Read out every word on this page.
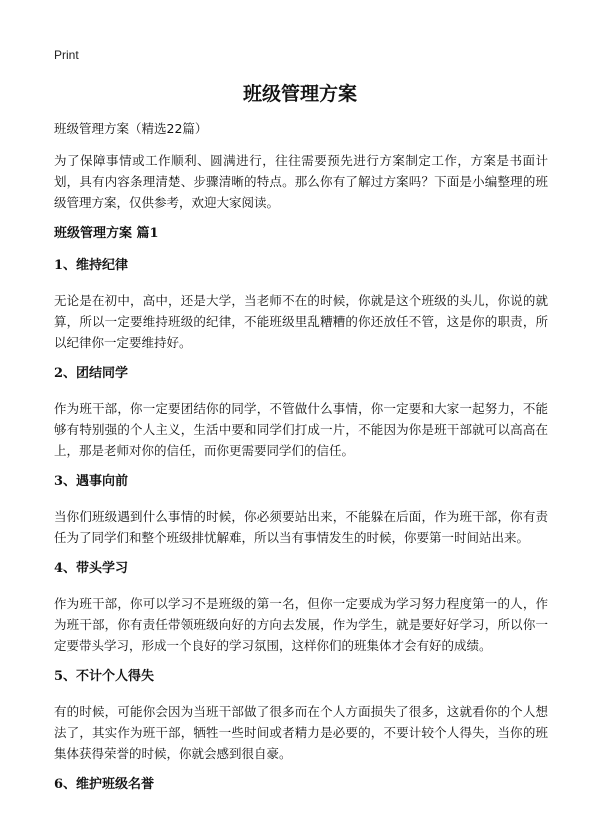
Print
班级管理方案
班级管理方案（精选22篇）

为了保障事情或工作顺利、圆满进行，往往需要预先进行方案制定工作，方案是书面计划，具有内容条理清楚、步骤清晰的特点。那么你有了解过方案吗？下面是小编整理的班级管理方案，仅供参考，欢迎大家阅读。

班级管理方案 篇1
1、维持纪律

无论是在初中，高中，还是大学，当老师不在的时候，你就是这个班级的头儿，你说的就算，所以一定要维持班级的纪律，不能班级里乱糟糟的你还放任不管，这是你的职责，所以纪律你一定要维持好。

2、团结同学

作为班干部，你一定要团结你的同学，不管做什么事情，你一定要和大家一起努力，不能够有特别强的个人主义，生活中要和同学们打成一片，不能因为你是班干部就可以高高在上，那是老师对你的信任，而你更需要同学们的信任。

3、遇事向前

当你们班级遇到什么事情的时候，你必须要站出来，不能躲在后面，作为班干部，你有责任为了同学们和整个班级排忧解难，所以当有事情发生的时候，你要第一时间站出来。

4、带头学习

作为班干部，你可以学习不是班级的第一名，但你一定要成为学习努力程度第一的人，作为班干部，你有责任带领班级向好的方向去发展，作为学生，就是要好好学习，所以你一定要带头学习，形成一个良好的学习氛围，这样你们的班集体才会有好的成绩。

5、不计个人得失

有的时候，可能你会因为当班干部做了很多而在个人方面损失了很多，这就看你的个人想法了，其实作为班干部，牺牲一些时间或者精力是必要的，不要计较个人得失，当你的班集体获得荣誉的时候，你就会感到很自豪。

6、维护班级名誉
